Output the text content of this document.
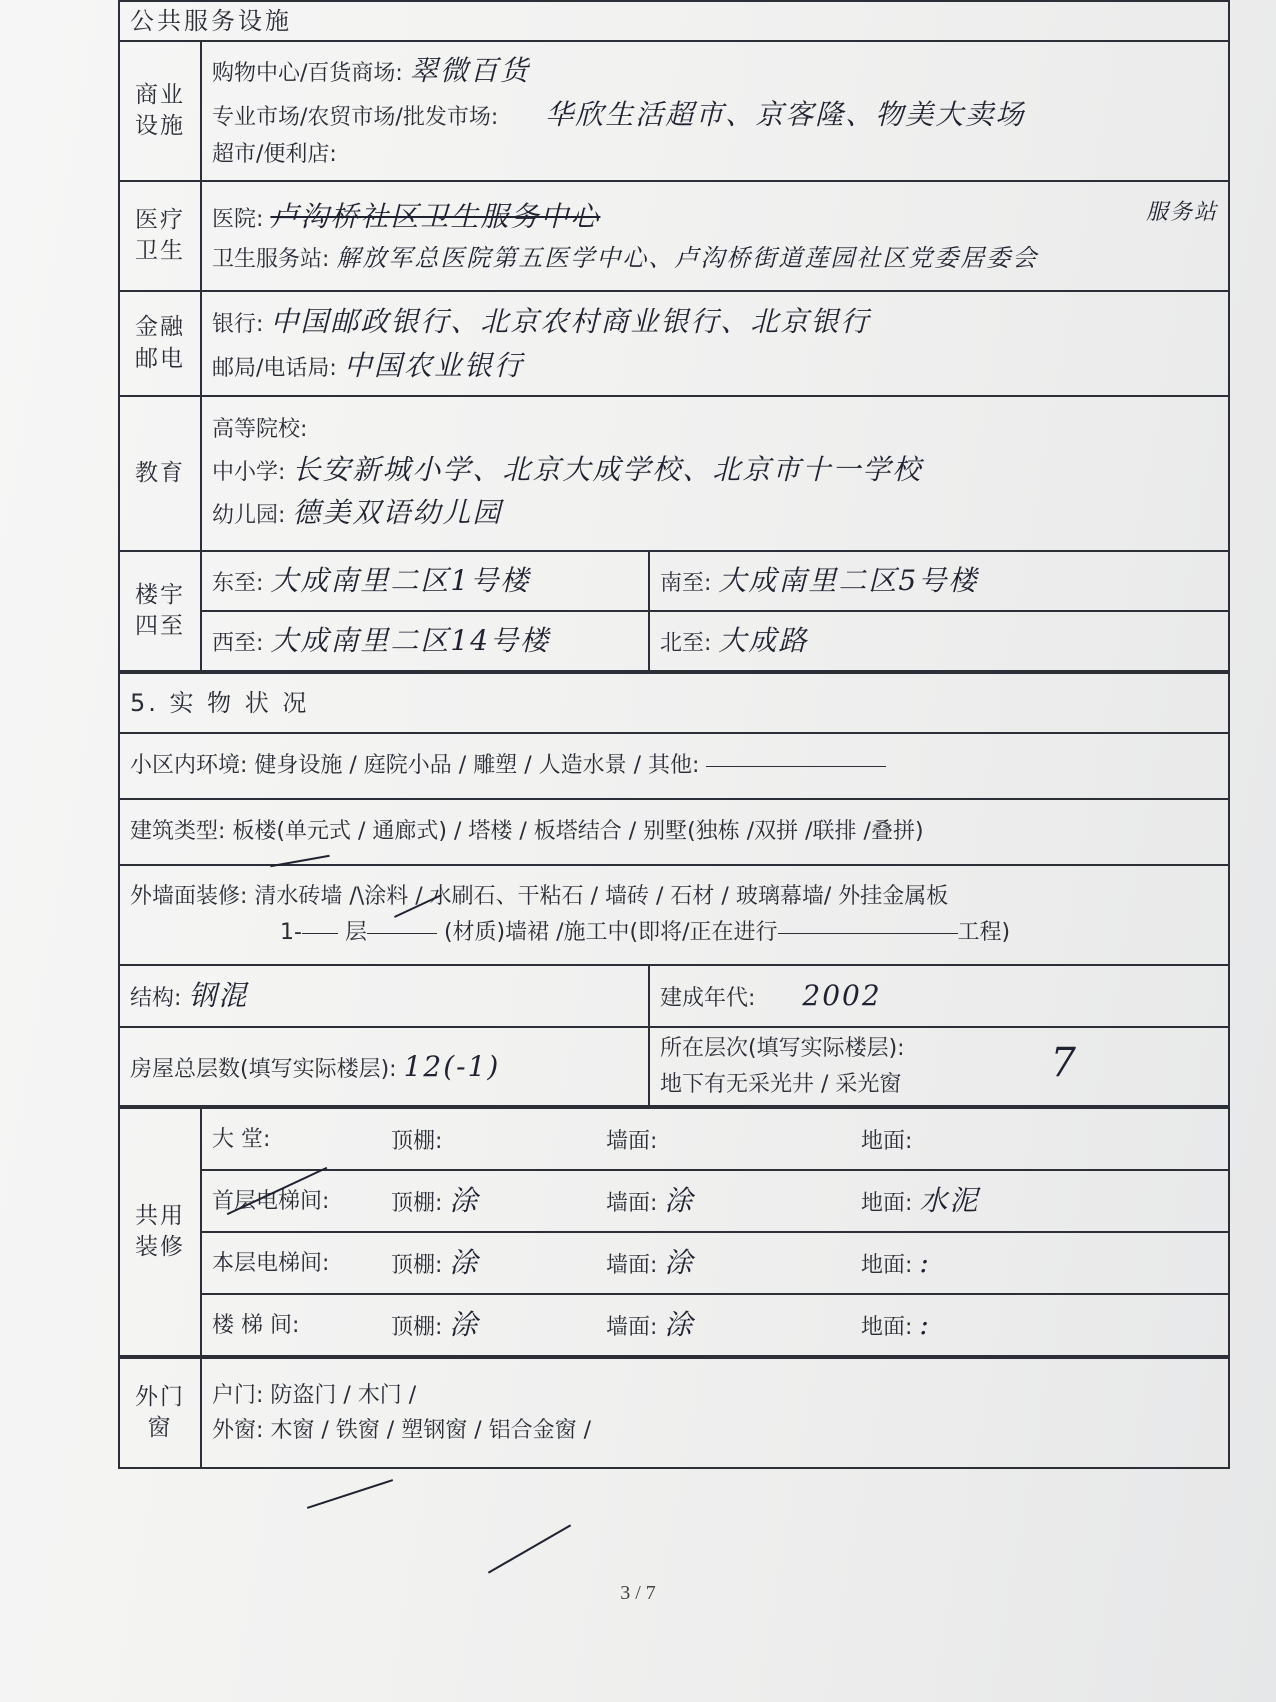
公共服务设施		
商业设施	购物中心/百货商场: 翠微百货
专业市场/农贸市场/批发市场: 华欣生活超市、京客隆、物美大卖场
超市/便利店:	

医疗卫生	医院: 卢沟桥社区卫生服务中心 服务站
卫生服务站: 解放军总医院第五医学中心、卢沟桥街道莲园社区党委居委会	

金融邮电	银行: 中国邮政银行、北京农村商业银行、北京银行
邮局/电话局: 中国农业银行	

教育	高等院校:
中小学: 长安新城小学、北京大成学校、北京市十一学校
幼儿园: 德美双语幼儿园	

楼宇四至	东至: 大成南里二区1号楼	南至: 大成南里二区5号楼
	西至: 大成南里二区14号楼	北至: 大成路
5. 实 物 状 况	
小区内环境: 健身设施 / 庭院小品 / 雕塑 / 人造水景 / 其他:	
建筑类型: 板楼(单元式 / 通廊式) / 塔楼 / 板塔结合 / 别墅(独栋 /双拼 /联排 /叠拼)	

外墙面装修: 清水砖墙 /\涂料 / 水刷石、干粘石 / 墙砖 / 石材 / 玻璃幕墙/ 外挂金属板
1- 层 (材质)墙裙 /施工中(即将/正在进行 工程)	

结构: 钢混	建成年代: 2002
房屋总层数(填写实际楼层): 12(-1)	所在层次(填写实际楼层):
地下有无采光井 / 采光窗 7
共用装修	大 堂:	顶棚:	墙面:	地面:
	首层电梯间:	顶棚: 涂	墙面: 涂	地面: 水泥
	本层电梯间:	顶棚: 涂	墙面: 涂	地面: :
	楼 梯 间:	顶棚: 涂	墙面: 涂	地面: :
外门窗	
户门: 防盗门 / 木门 /
外窗: 木窗 / 铁窗 / 塑钢窗 / 铝合金窗 /
3 / 7
